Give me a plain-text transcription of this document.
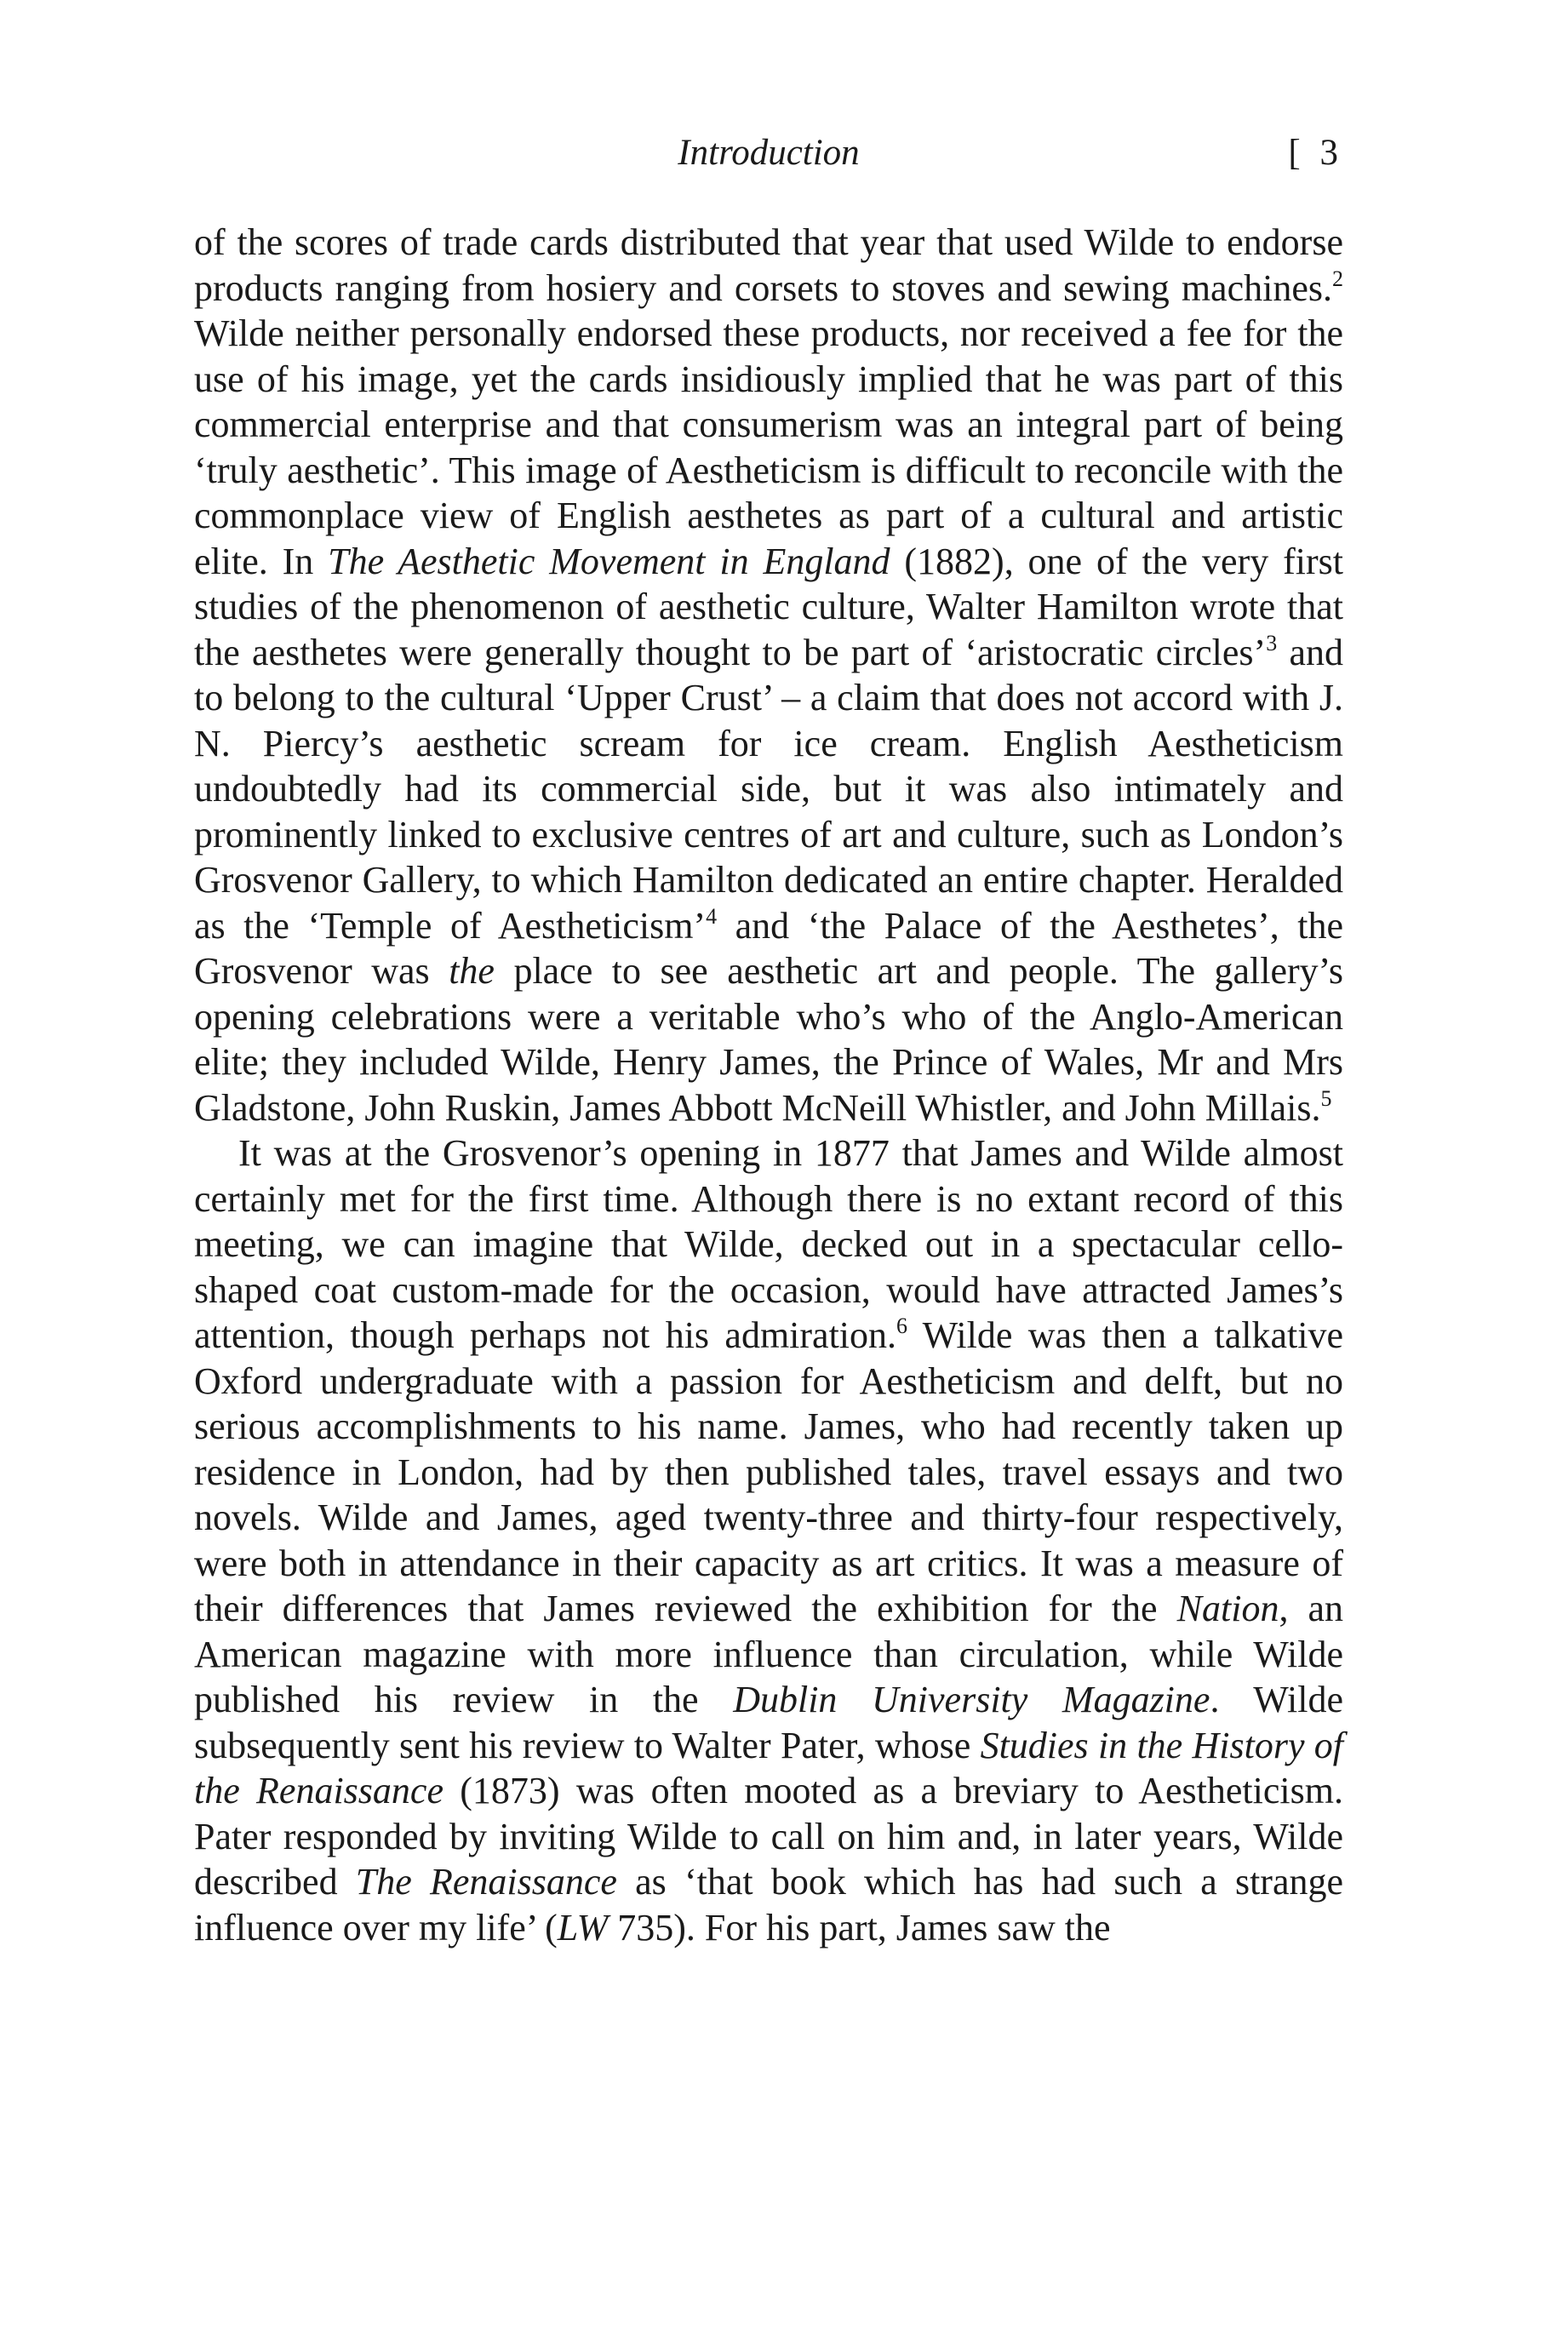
Introduction	[ 3

of the scores of trade cards distributed that year that used Wilde to endorse products ranging from hosiery and corsets to stoves and sewing machines.$^2$ Wilde neither personally endorsed these products, nor received a fee for the use of his image, yet the cards insidiously implied that he was part of this commercial enterprise and that consumerism was an integral part of being ‘truly aesthetic’. This image of Aestheticism is difficult to reconcile with the commonplace view of English aesthetes as part of a cultural and artistic elite. In The Aesthetic Movement in England (1882), one of the very first studies of the phenomenon of aesthetic culture, Walter Hamilton wrote that the aesthetes were generally thought to be part of ‘aristocratic circles’$^3$ and to belong to the cultural ‘Upper Crust’ – a claim that does not accord with J. N. Piercy’s aesthetic scream for ice cream. English Aestheticism undoubtedly had its commercial side, but it was also intimately and prominently linked to exclusive centres of art and culture, such as London’s Grosvenor Gallery, to which Hamilton dedicated an entire chapter. Heralded as the ‘Temple of Aestheticism’$^4$ and ‘the Palace of the Aesthetes’, the Grosvenor was the place to see aesthetic art and people. The gallery’s opening celebrations were a veritable who’s who of the Anglo-American elite; they included Wilde, Henry James, the Prince of Wales, Mr and Mrs Gladstone, John Ruskin, James Abbott McNeill Whistler, and John Millais.$^5$

It was at the Grosvenor’s opening in 1877 that James and Wilde almost certainly met for the first time. Although there is no extant record of this meeting, we can imagine that Wilde, decked out in a spectacular cello-shaped coat custom-made for the occasion, would have attracted James’s attention, though perhaps not his admiration.$^6$ Wilde was then a talkative Oxford undergraduate with a passion for Aestheticism and delft, but no serious accomplishments to his name. James, who had recently taken up residence in London, had by then published tales, travel essays and two novels. Wilde and James, aged twenty-three and thirty-four respectively, were both in attendance in their capacity as art critics. It was a measure of their differences that James reviewed the exhibition for the Nation, an American magazine with more influence than circulation, while Wilde published his review in the Dublin University Magazine. Wilde subsequently sent his review to Walter Pater, whose Studies in the History of the Renaissance (1873) was often mooted as a breviary to Aestheticism. Pater responded by inviting Wilde to call on him and, in later years, Wilde described The Renaissance as ‘that book which has had such a strange influence over my life’ (LW 735). For his part, James saw the
